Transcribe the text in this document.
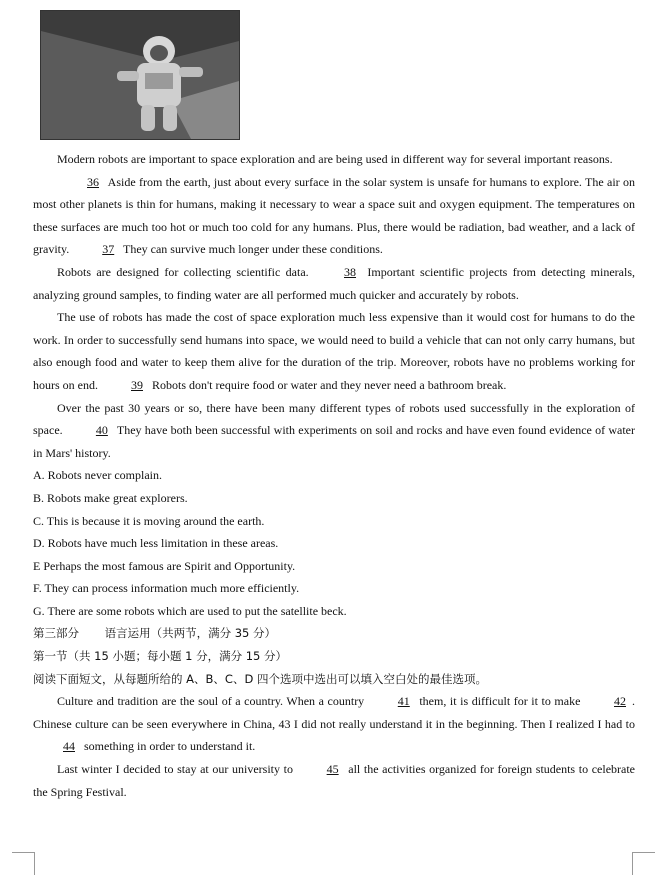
Modern robots are important to space exploration and are being used in different way for several important reasons.

36 Aside from the earth, just about every surface in the solar system is unsafe for humans to explore. The air on most other planets is thin for humans, making it necessary to wear a space suit and oxygen equipment. The temperatures on these surfaces are much too hot or much too cold for any humans. Plus, there would be radiation, bad weather, and a lack of gravity.	37 They can survive much longer under these conditions.

Robots are designed for collecting scientific data.	38 Important scientific projects from detecting minerals, analyzing ground samples, to finding water are all performed much quicker and accurately by robots.

The use of robots has made the cost of space exploration much less expensive than it would cost for humans to do the work. In order to successfully send humans into space, we would need to build a vehicle that can not only carry humans, but also enough food and water to keep them alive for the duration of the trip. Moreover, robots have no problems working for hours on end.	39 Robots don't require food or water and they never need a bathroom break.

Over the past 30 years or so, there have been many different types of robots used successfully in the exploration of space.	40 They have both been successful with experiments on soil and rocks and have even found evidence of water in Mars' history.

A. Robots never complain.

B. Robots make great explorers.

C. This is because it is moving around the earth.

D. Robots have much less limitation in these areas.

E Perhaps the most famous are Spirit and Opportunity.

F. They can process information much more efficiently.

G. There are some robots which are used to put the satellite beck.

第三部分       语言运用（共两节，满分 35 分）

第一节（共 15 小题；每小题 1 分，满分 15 分）

阅读下面短文，从每题所给的 A、B、C、D 四个选项中选出可以填入空白处的最佳选项。

Culture and tradition are the soul of a country. When a country	41 them, it is difficult for it to make	42 . Chinese culture can be seen everywhere in China, 43 I did not really understand it in the beginning. Then I realized I had to 44 something in order to understand it.

Last winter I decided to stay at our university to	45 all the activities organized for foreign students to celebrate the Spring Festival.
